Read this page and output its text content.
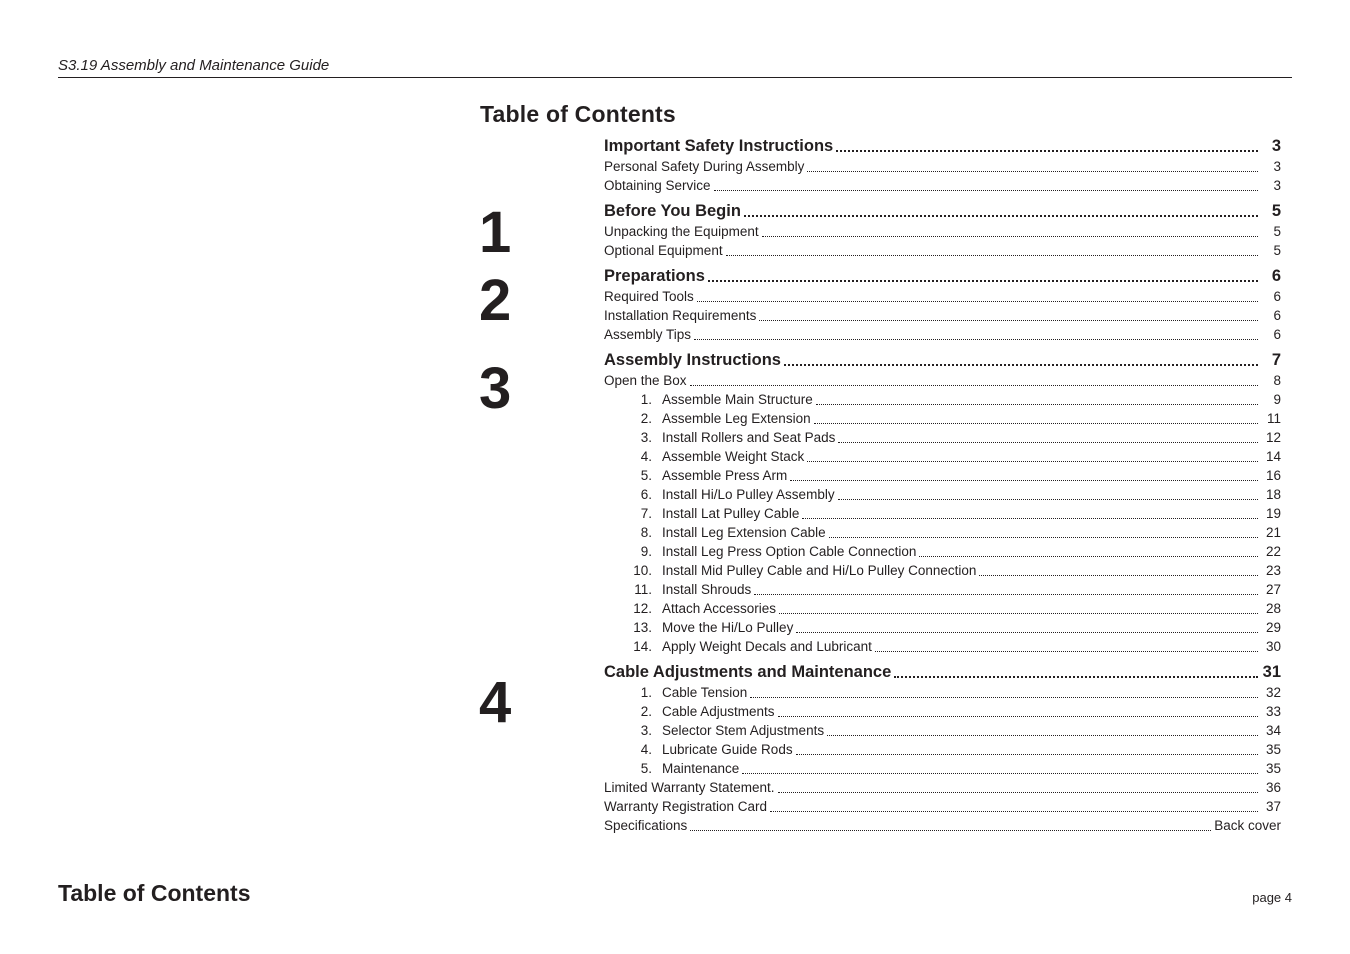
S3.19 Assembly and Maintenance Guide
Table of Contents
1
2
3
4
Important Safety Instructions	3
Personal Safety During Assembly	3
Obtaining Service	3
Before You Begin	5
Unpacking the Equipment	5
Optional Equipment	5
Preparations	6
Required Tools	6
Installation Requirements	6
Assembly Tips	6
Assembly Instructions	7
Open the Box	8
1. Assemble Main Structure	9
2. Assemble Leg Extension	11
3. Install Rollers and Seat Pads	12
4. Assemble Weight Stack	14
5. Assemble Press Arm	16
6. Install Hi/Lo Pulley Assembly	18
7. Install Lat Pulley Cable	19
8. Install Leg Extension Cable	21
9. Install Leg Press Option Cable Connection	22
10. Install Mid Pulley Cable and Hi/Lo Pulley Connection	23
11. Install Shrouds	27
12. Attach Accessories	28
13. Move the Hi/Lo Pulley	29
14. Apply Weight Decals and Lubricant	30
Cable Adjustments and Maintenance	31
1. Cable Tension	32
2. Cable Adjustments	33
3. Selector Stem Adjustments	34
4. Lubricate Guide Rods	35
5. Maintenance	35
Limited Warranty Statement.	36
Warranty Registration Card	37
Specifications	Back cover
Table of Contents	page 4
